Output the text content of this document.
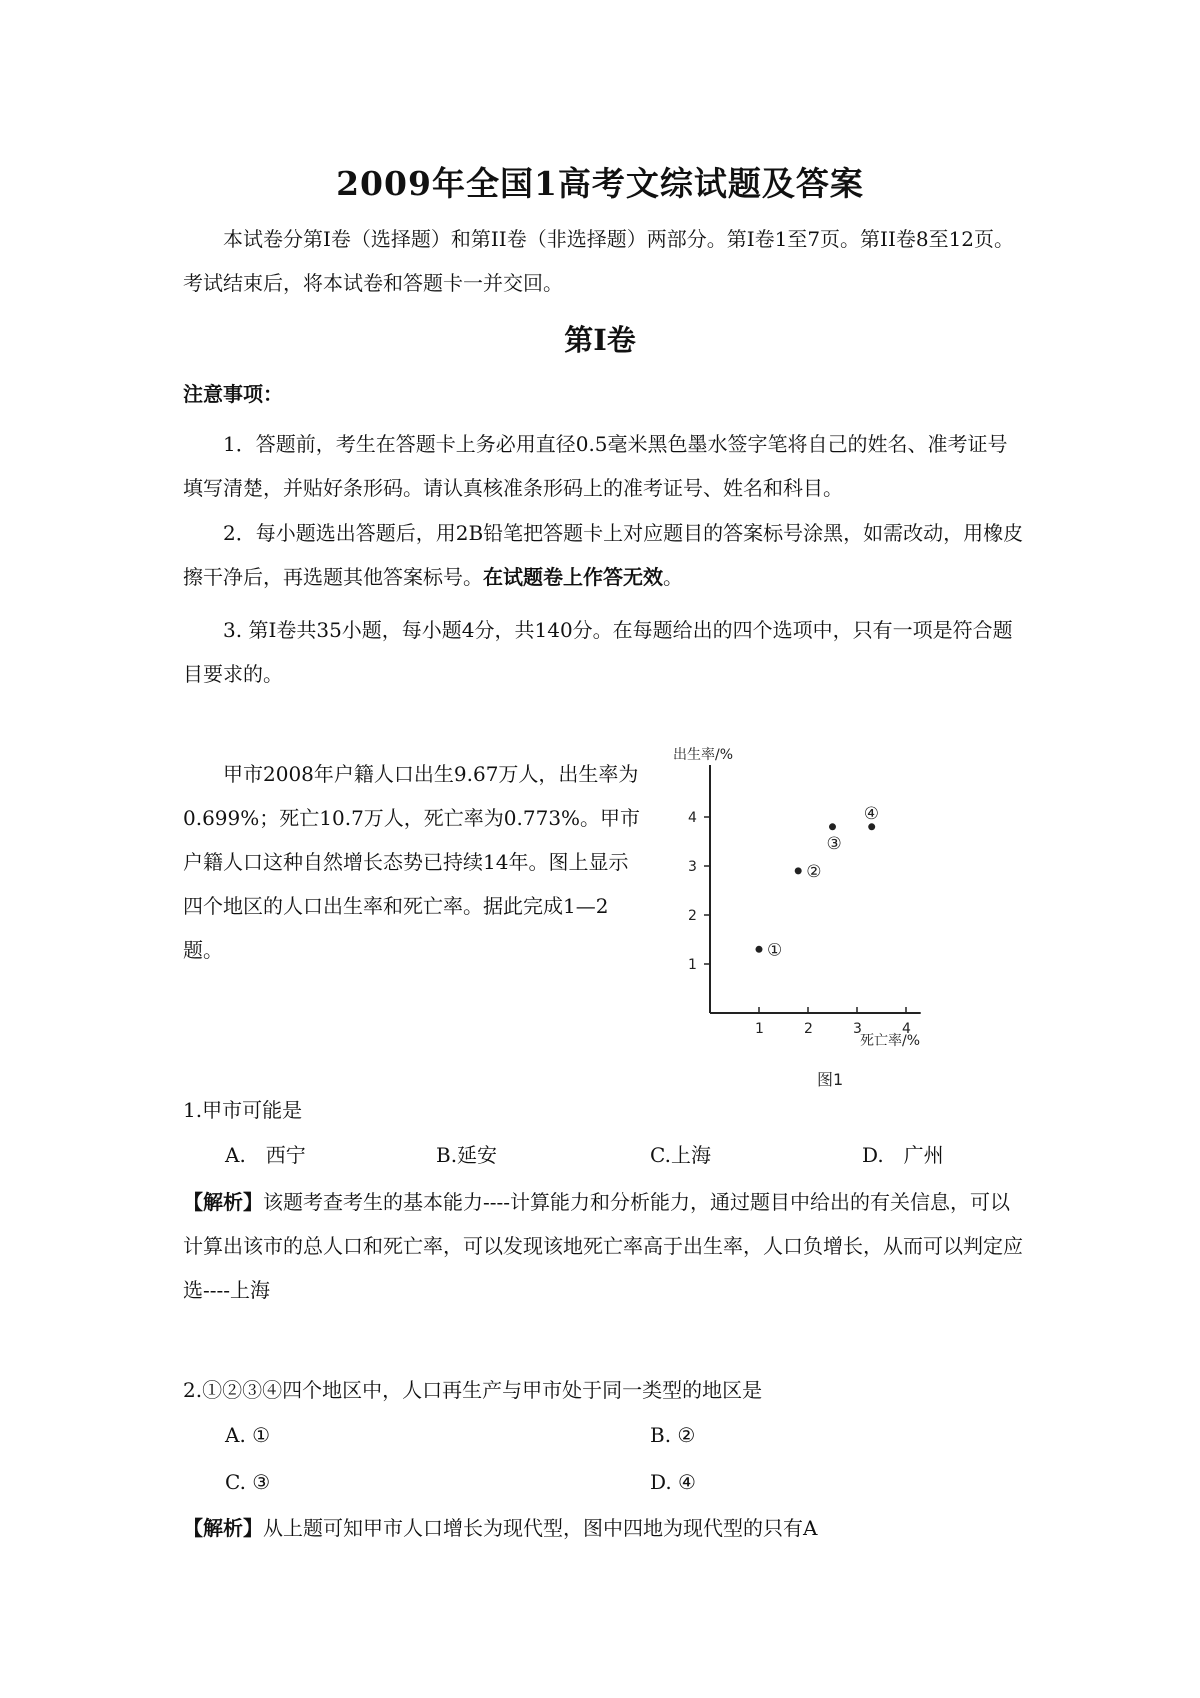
2009年全国1高考文综试题及答案

本试卷分第Ⅰ卷（选择题）和第II卷（非选择题）两部分。第Ⅰ卷1至7页。第II卷8至12页。考试结束后，将本试卷和答题卡一并交回。

第Ⅰ卷

注意事项：

1．答题前，考生在答题卡上务必用直径0.5毫米黑色墨水签字笔将自己的姓名、准考证号填写清楚，并贴好条形码。请认真核准条形码上的准考证号、姓名和科目。

2．每小题选出答题后，用2B铅笔把答题卡上对应题目的答案标号涂黑，如需改动，用橡皮擦干净后，再选题其他答案标号。在试题卷上作答无效。

3. 第Ⅰ卷共35小题，每小题4分，共140分。在每题给出的四个选项中，只有一项是符合题目要求的。

甲市2008年户籍人口出生9.67万人，出生率为0.699%；死亡10.7万人，死亡率为0.773%。甲市户籍人口这种自然增长态势已持续14年。图上显示四个地区的人口出生率和死亡率。据此完成1—2题。

出生率/%
死亡率/%
1	2	3	4
1
2
3
4
①
②
③
④
图1

1.甲市可能是

A.　西宁	B.延安	C.上海	D.　广州

【解析】该题考查考生的基本能力----计算能力和分析能力，通过题目中给出的有关信息，可以计算出该市的总人口和死亡率，可以发现该地死亡率高于出生率，人口负增长，从而可以判定应选----上海

2.①②③④四个地区中，人口再生产与甲市处于同一类型的地区是

A. ①	B. ②
C. ③	D. ④

【解析】从上题可知甲市人口增长为现代型，图中四地为现代型的只有A
